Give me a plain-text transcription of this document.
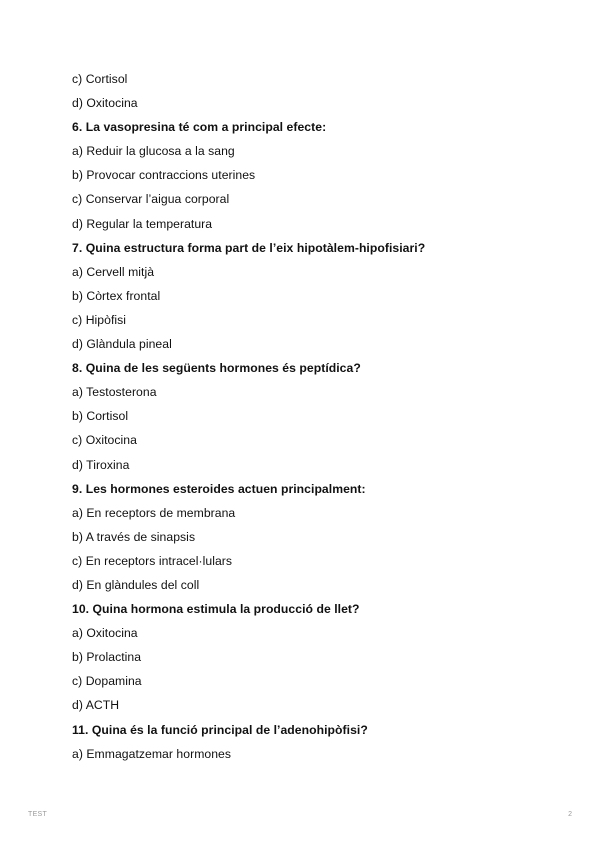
c) Cortisol
d) Oxitocina
6. La vasopresina té com a principal efecte:
a) Reduir la glucosa a la sang
b) Provocar contraccions uterines
c) Conservar l’aigua corporal
d) Regular la temperatura
7. Quina estructura forma part de l’eix hipotàlem-hipofisiari?
a) Cervell mitjà
b) Còrtex frontal
c) Hipòfisi
d) Glàndula pineal
8. Quina de les següents hormones és peptídica?
a) Testosterona
b) Cortisol
c) Oxitocina
d) Tiroxina
9. Les hormones esteroides actuen principalment:
a) En receptors de membrana
b) A través de sinapsis
c) En receptors intracel·lulars
d) En glàndules del coll
10. Quina hormona estimula la producció de llet?
a) Oxitocina
b) Prolactina
c) Dopamina
d) ACTH
11. Quina és la funció principal de l’adenohipòfisi?
a) Emmagatzemar hormones
TEST	2
